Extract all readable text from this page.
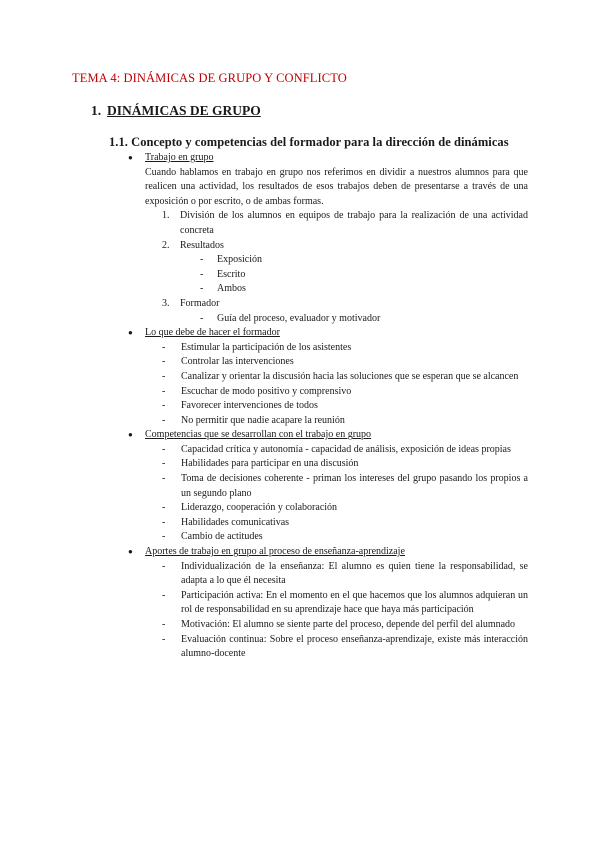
TEMA 4: DINÁMICAS DE GRUPO Y CONFLICTO
1. DINÁMICAS DE GRUPO
1.1. Concepto y competencias del formador para la dirección de dinámicas
●	Trabajo en grupo
Cuando hablamos en trabajo en grupo nos referimos en dividir a nuestros alumnos para que realicen una actividad, los resultados de esos trabajos deben de presentarse a través de una exposición o por escrito, o de ambas formas.
1. División de los alumnos en equipos de trabajo para la realización de una actividad concreta
2. Resultados
- Exposición
- Escrito
- Ambos
3. Formador
- Guía del proceso, evaluador y motivador
●	Lo que debe de hacer el formador
- Estimular la participación de los asistentes
- Controlar las intervenciones
- Canalizar y orientar la discusión hacia las soluciones que se esperan que se alcancen
- Escuchar de modo positivo y comprensivo
- Favorecer intervenciones de todos
- No permitir que nadie acapare la reunión
●	Competencias que se desarrollan con el trabajo en grupo
- Capacidad crítica y autonomía - capacidad de análisis, exposición de ideas propias
- Habilidades para participar en una discusión
- Toma de decisiones coherente - priman los intereses del grupo pasando los propios a un segundo plano
- Liderazgo, cooperación y colaboración
- Habilidades comunicativas
- Cambio de actitudes
●	Aportes de trabajo en grupo al proceso de enseñanza-aprendizaje
- Individualización de la enseñanza: El alumno es quien tiene la responsabilidad, se adapta a lo que él necesita
- Participación activa: En el momento en el que hacemos que los alumnos adquieran un rol de responsabilidad en su aprendizaje hace que haya más participación
- Motivación: El alumno se siente parte del proceso, depende del perfil del alumnado
- Evaluación continua: Sobre el proceso enseñanza-aprendizaje, existe más interacción alumno-docente
